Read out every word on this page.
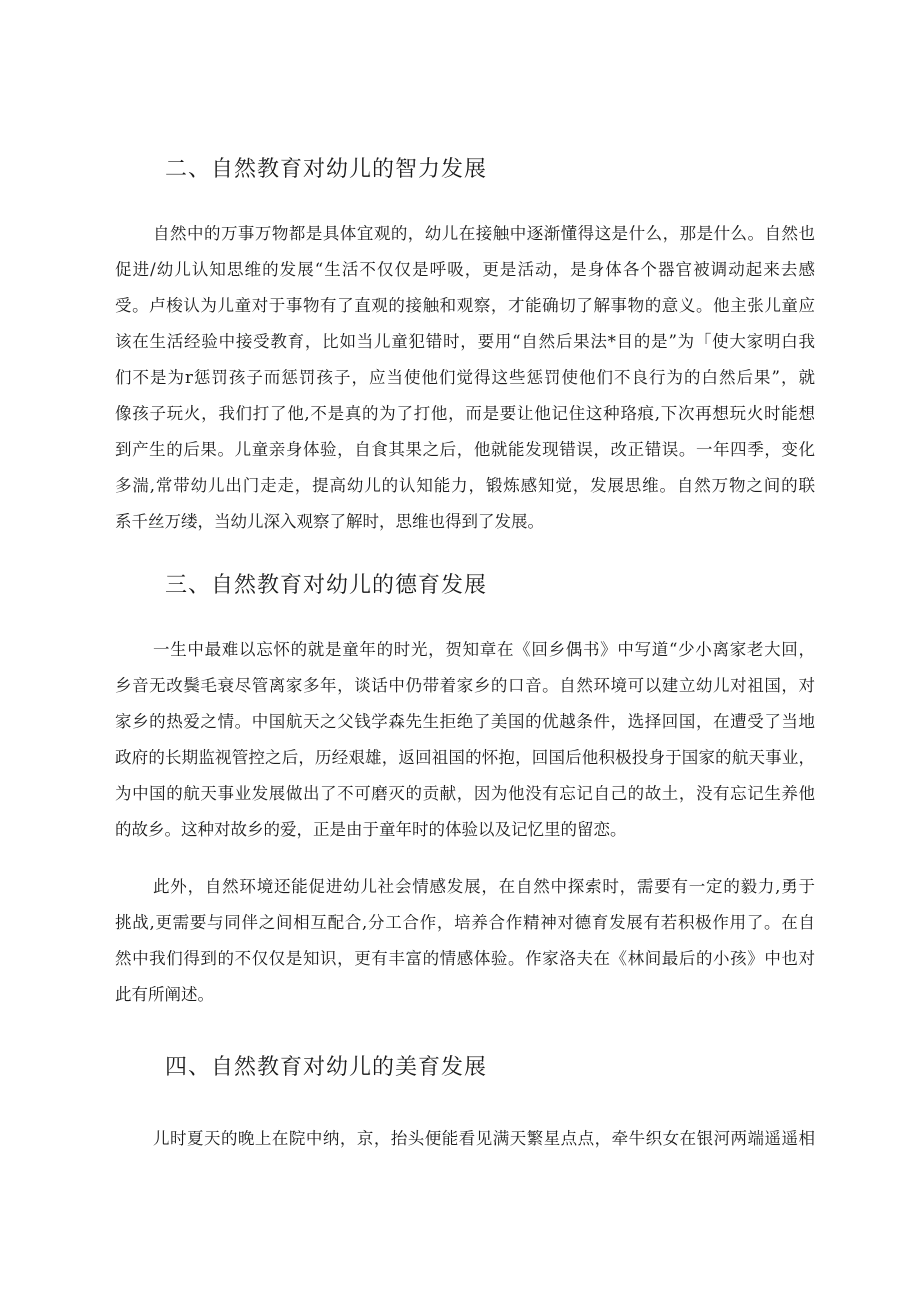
二、自然教育对幼儿的智力发展
自然中的万事万物都是具体宜观的，幼儿在接触中逐渐懂得这是什么，那是什么。自然也
促进/幼儿认知思维的发展“生活不仅仅是呼吸，更是活动，是身体各个器官被调动起来去感
受。卢梭认为儿童对于事物有了直观的接触和观察，才能确切了解事物的意义。他主张儿童应
该在生活经验中接受教育，比如当儿童犯错时，要用“自然后果法*目的是”为「使大家明白我
们不是为r惩罚孩子而惩罚孩子，应当使他们觉得这些惩罚使他们不良行为的白然后果”，就
像孩子玩火，我们打了他,不是真的为了打他，而是要让他记住这种珞痕,下次再想玩火时能想
到产生的后果。儿童亲身体验，自食其果之后，他就能发现错误，改正错误。一年四季，变化
多湍,常带幼儿出门走走，提高幼儿的认知能力，锻炼感知觉，发展思维。自然万物之间的联
系千丝万缕，当幼儿深入观察了解时，思维也得到了发展。
三、自然教育对幼儿的德育发展
一生中最难以忘怀的就是童年的时光，贺知章在《回乡偶书》中写道“少小离家老大回，
乡音无改鬓毛衰尽管离家多年，谈话中仍带着家乡的口音。自然环境可以建立幼儿对祖国，对
家乡的热爱之情。中国航天之父钱学森先生拒绝了美国的优越条件，选择回国，在遭受了当地
政府的长期监视管控之后，历经艰雄，返回祖国的怀抱，回国后他积极投身于国家的航天事业，
为中国的航天事业发展做出了不可磨灭的贡献，因为他没有忘记自己的故土，没有忘记生养他
的故乡。这种对故乡的爱，正是由于童年时的体验以及记忆里的留恋。
此外，自然环境还能促进幼儿社会情感发展，在自然中探索时，需要有一定的毅力,勇于
挑战,更需要与同伴之间相互配合,分工合作，培养合作精神对德育发展有若积极作用了。在自
然中我们得到的不仅仅是知识，更有丰富的情感体验。作家洛夫在《林间最后的小孩》中也对
此有所阐述。
四、自然教育对幼儿的美育发展
儿时夏天的晚上在院中纳，京，抬头便能看见满天繁星点点，牵牛织女在银河两端遥遥相
